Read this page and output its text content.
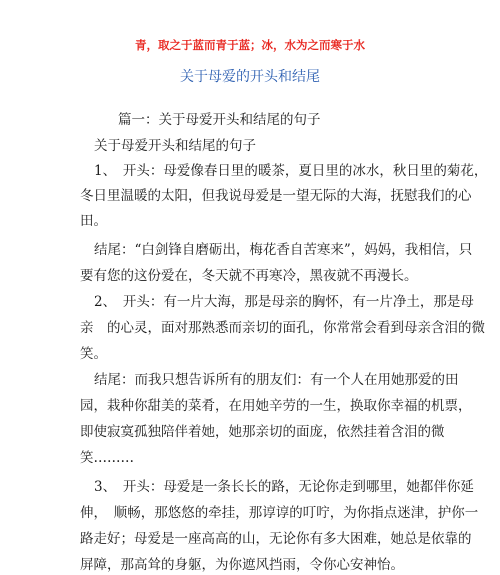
青，取之于蓝而青于蓝；冰，水为之而寒于水
关于母爱的开头和结尾
篇一：关于母爱开头和结尾的句子
关于母爱开头和结尾的句子
1、　开头：母爱像春日里的暖茶，夏日里的冰水，秋日里的菊花，
冬日里温暖的太阳，但我说母爱是一望无际的大海，抚慰我们的心
田。
结尾：“白剑锋自磨砺出，梅花香自苦寒来”，妈妈，我相信，只
要有您的这份爱在，冬天就不再寒冷，黑夜就不再漫长。
2、　开头：有一片大海，那是母亲的胸怀，有一片净土，那是母
亲　的心灵，面对那熟悉而亲切的面孔，你常常会看到母亲含泪的微
笑。
结尾：而我只想告诉所有的朋友们：有一个人在用她那爱的田
园，栽种你甜美的菜肴，在用她辛劳的一生，换取你幸福的机票，
即使寂寞孤独陪伴着她，她那亲切的面庞，依然挂着含泪的微
笑………
3、　开头：母爱是一条长长的路，无论你走到哪里，她都伴你延
伸，　顺畅，那悠悠的牵挂，那谆谆的叮咛，为你指点迷津，护你一
路走好；母爱是一座高高的山，无论你有多大困难，她总是依靠的
屏障，那高耸的身躯，为你遮风挡雨，令你心安神怡。
